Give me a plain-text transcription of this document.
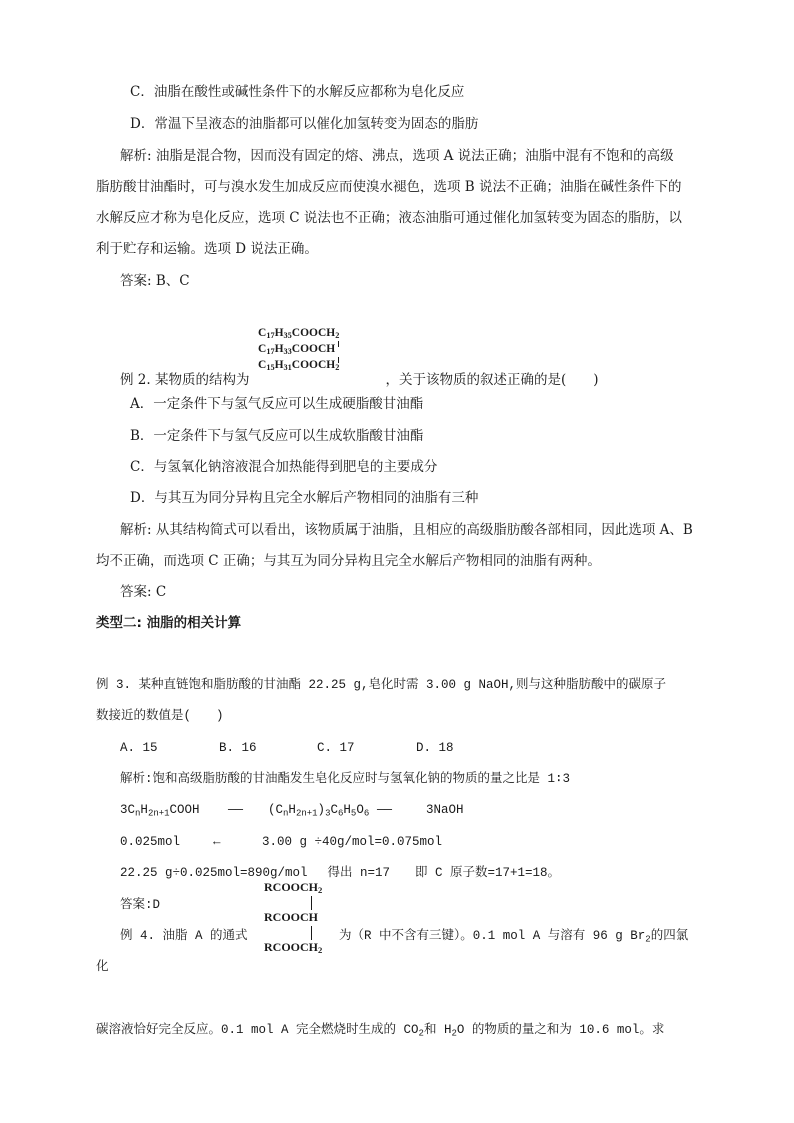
C．油脂在酸性或碱性条件下的水解反应都称为皂化反应
D．常温下呈液态的油脂都可以催化加氢转变为固态的脂肪
解析: 油脂是混合物，因而没有固定的熔、沸点，选项 A 说法正确；油脂中混有不饱和的高级
脂肪酸甘油酯时，可与溴水发生加成反应而使溴水褪色，选项 B 说法不正确；油脂在碱性条件下的
水解反应才称为皂化反应，选项 C 说法也不正确；液态油脂可通过催化加氢转变为固态的脂肪，以
利于贮存和运输。选项 D 说法正确。
答案: B、C
$C_{17}H_{35}COOCH_2$
$C_{17}H_{33}COOCH$
$C_{15}H_{31}COOCH_2$
例 2. 某物质的结构为	，关于该物质的叙述正确的是(　　)
A．一定条件下与氢气反应可以生成硬脂酸甘油酯
B．一定条件下与氢气反应可以生成软脂酸甘油酯
C．与氢氧化钠溶液混合加热能得到肥皂的主要成分
D．与其互为同分异构且完全水解后产物相同的油脂有三种
解析: 从其结构简式可以看出，该物质属于油脂，且相应的高级脂肪酸各部相同，因此选项 A、B
均不正确，而选项 C 正确；与其互为同分异构且完全水解后产物相同的油脂有两种。
答案: C
类型二: 油脂的相关计算
例 3. 某种直链饱和脂肪酸的甘油酯 22.25 g,皂化时需 3.00 g NaOH,则与这种脂肪酸中的碳原子
数接近的数值是(　　)
A. 15	B. 16	C. 17	D. 18
解析:饱和高级脂肪酸的甘油酯发生皂化反应时与氢氧化钠的物质的量之比是 1∶3
$3C_nH_{2n+1}COOH$ —— $(C_nH_{2n+1})_3C_6H_5O_6$ ——	3NaOH
0.025mol	←	3.00 g ÷40g/mol=0.075mol
22.25 g÷0.025mol=890g/mol　 得出 n=17　　即 C 原子数=17+1=18。
答案:D
$RCOOCH_2$
RCOOCH
$RCOOCH_2$
例 4. 油脂 A 的通式	为（R 中不含有三键）。0.1 mol A 与溶有 96 g $Br_2$的四氯
化
碳溶液恰好完全反应。0.1 mol A 完全燃烧时生成的 $CO_2$和 $H_2O$ 的物质的量之和为 10.6 mol。求
